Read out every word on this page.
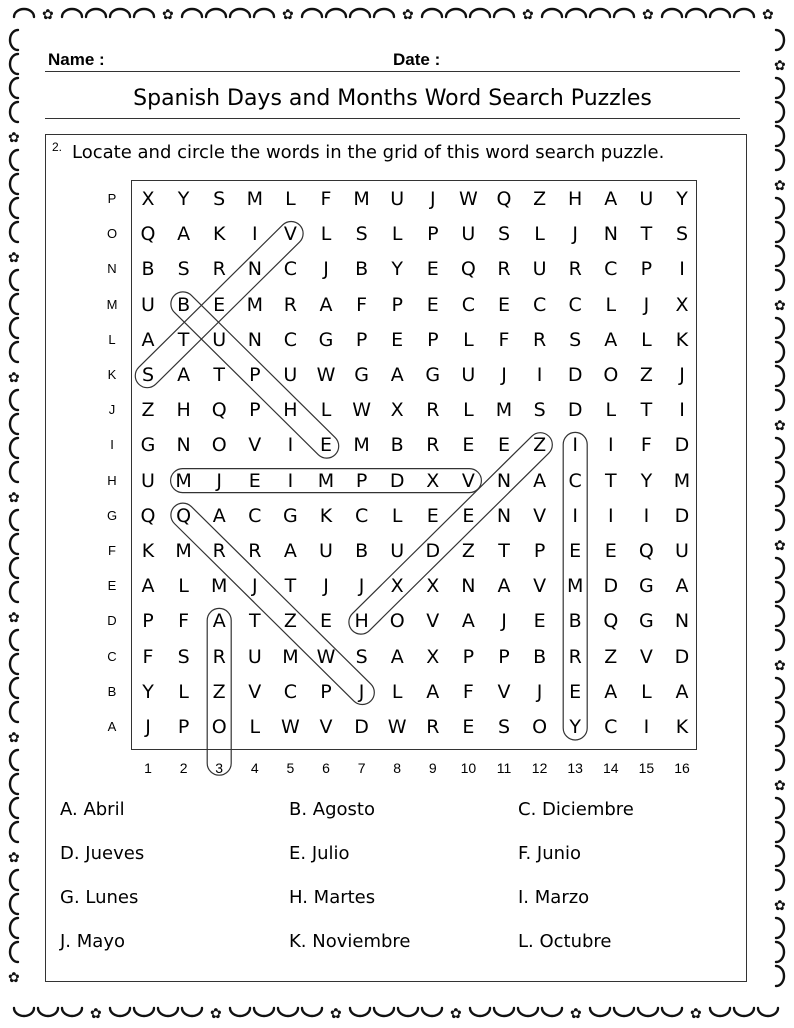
✿
✿
✿
✿
✿
✿
✿
✿
✿
✿
✿
✿
✿
✿
✿
✿
✿
✿
✿
✿
✿
✿
✿
✿
✿
✿
✿
✿
✿
Name :	Date :
Spanish Days and Months Word Search Puzzles
2. Locate and circle the words in the grid of this word search puzzle.
P
O
N
M
L
K
J
I
H
G
F
E
D
C
B
A
1	2	3	4	5	6	7	8	9	10	11	12	13	14	15	16
X	Y	S	M	L	F	M	U	J	W Q	Z	H	A	U	Y
Q	A	K	I	V	L	S	L	P	U	S	L	J	N	T	S
B	S	R	N	C	J	B	Y	E	Q	R	U	R	C	P	I
U	B	E	M	R	A	F	P	E	C	E	C	C	L	J	X
A	T	U	N	C	G	P	E	P	L	F	R	S	A	L	K
S	A	T	P	U	W G	A	G	U	J	I	D	O	Z	J
Z	H	Q	P	H	L	W	X	R	L	M	S	D	L	T	I
G	N	O	V	I	E	M	B	R	E	E	Z	I	I	F	D
U	M	J	E	I	M	P	D	X	V	N	A	C	T	Y	M
Q	Q	A	C	G	K	C	L	E	E	N	V	I	I	I	D
K	M	R	R	A	U	B	U	D	Z	T	P	E	E	Q	U
A	L	M	J	T	J	J	X	X	N	A	V	M	D	G	A
P	F	A	T	Z	E	H	O	V	A	J	E	B	Q	G	N
F	S	R	U	M W	S	A	X	P	P	B	R	Z	V	D
Y	L	Z	V	C	P	J	L	A	F	V	J	E	A	L	A
J	P	O	L	W	V	D W	R	E	S	O	Y	C	I	K
A. Abril	B. Agosto	C. Diciembre
D. Jueves	E. Julio	F. Junio
G. Lunes	H. Martes	I. Marzo
J. Mayo	K. Noviembre	L. Octubre
